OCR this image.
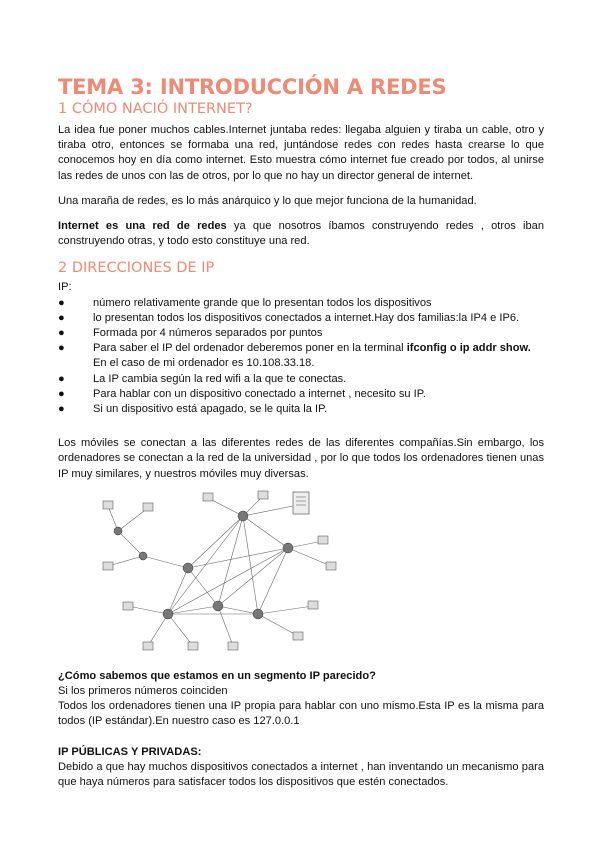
TEMA 3: INTRODUCCIÓN A REDES
1 CÓMO NACIÓ INTERNET?

La idea fue poner muchos cables.Internet juntaba redes: llegaba alguien y tiraba un cable, otro y tiraba otro, entonces se formaba una red, juntándose redes con redes hasta crearse lo que conocemos hoy en día como internet. Esto muestra cómo internet fue creado por todos, al unirse las redes de unos con las de otros, por lo que no hay un director general de internet.

Una maraña de redes, es lo más anárquico y lo que mejor funciona de la humanidad.

Internet es una red de redes ya que nosotros íbamos construyendo redes , otros iban construyendo otras, y todo esto constituye una red.

2 DIRECCIONES DE IP
IP:
●	número relativamente grande que lo presentan todos los dispositivos
●	lo presentan todos los dispositivos conectados a internet.Hay dos familias:la IP4 e IP6.
●	Formada por 4 números separados por puntos
●	Para saber el IP del ordenador deberemos poner en la terminal ifconfig o ip addr show.
En el caso de mi ordenador es 10.108.33.18.
●	La IP cambia según la red wifi a la que te conectas.
●	Para hablar con un dispositivo conectado a internet , necesito su IP.
●	Si un dispositivo está apagado, se le quita la IP.

Los móviles se conectan a las diferentes redes de las diferentes compañías.Sin embargo, los ordenadores se conectan a la red de la universidad , por lo que todos los ordenadores tienen unas IP muy similares, y nuestros móviles muy diversas.

¿Cómo sabemos que estamos en un segmento IP parecido?

Si los primeros números coinciden

Todos los ordenadores tienen una IP propia para hablar con uno mismo.Esta IP es la misma para todos (IP estándar).En nuestro caso es 127.0.0.1

IP PÚBLICAS Y PRIVADAS:

Debido a que hay muchos dispositivos conectados a internet , han inventando un mecanismo para que haya números para satisfacer todos los dispositivos que estén conectados.
